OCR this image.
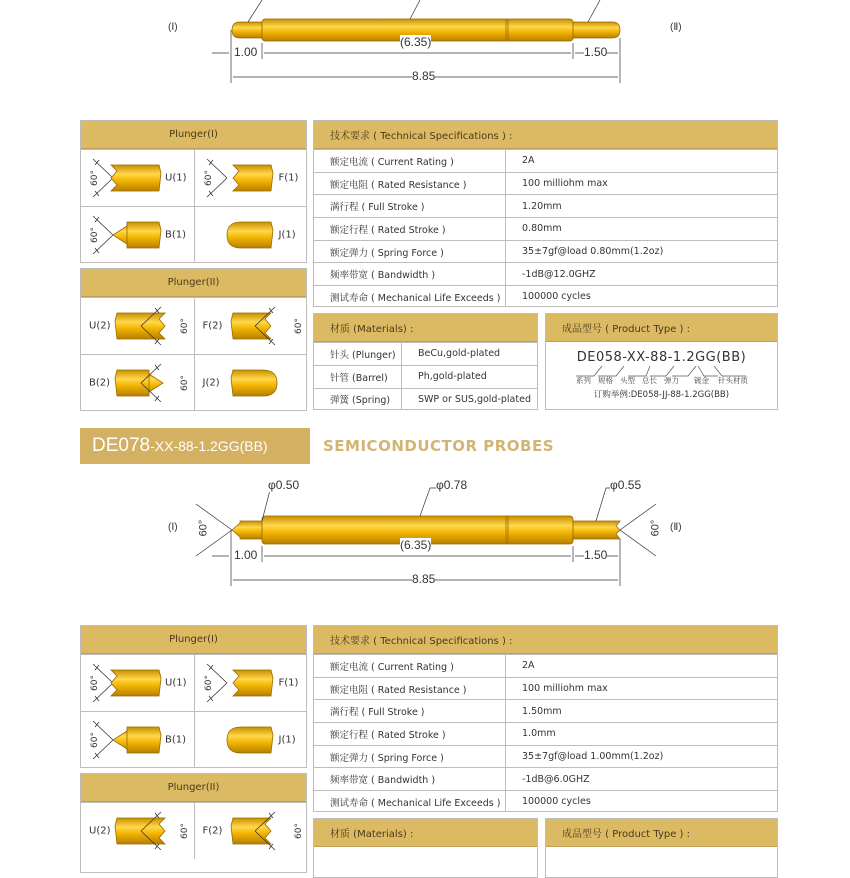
(Ⅰ)	(Ⅱ)
1.00
(6.35)
1.50
8.85
Plunger(I)
60°	U(1) 60°	F(1)
60°	B(1)	J(1)
Plunger(II)
U(2)	60° F(2)	60°
B(2)	60° J(2)
技术要求 ( Technical Specifications ) :
额定电流 ( Current Rating )	2A
额定电阻 ( Rated Resistance )	100 milliohm max
满行程 ( Full Stroke )	1.20mm
额定行程 ( Rated Stroke )	0.80mm
额定弹力 ( Spring Force )	35±7gf@load 0.80mm(1.2oz)
频率带宽 ( Bandwidth )	-1dB@12.0GHZ
测试寿命 ( Mechanical Life Exceeds )	100000 cycles
材质 (Materials) :
针头 (Plunger)	BeCu,gold-plated
针管 (Barrel)	Ph,gold-plated
弹簧 (Spring)	SWP or SUS,gold-plated
成品型号 ( Product Type ) :
DE058-XX-88-1.2GG(BB)
系列 规格 头型 总长 弹力 镀金 针头材质
订购举例:DE058-JJ-88-1.2GG(BB)
(Ⅰ)	(Ⅱ)
1.00
(6.35)
1.50
8.85
φ0.50	φ0.78	φ0.55
60°	60°
Plunger(I)
60°	U(1) 60°	F(1)
60°	B(1)	J(1)
Plunger(II)
U(2)	60° F(2)	60°
技术要求 ( Technical Specifications ) :
额定电流 ( Current Rating )	2A
额定电阻 ( Rated Resistance )	100 milliohm max
满行程 ( Full Stroke )	1.50mm
额定行程 ( Rated Stroke )	1.0mm
额定弹力 ( Spring Force )	35±7gf@load 1.00mm(1.2oz)
频率带宽 ( Bandwidth )	-1dB@6.0GHZ
测试寿命 ( Mechanical Life Exceeds )	100000 cycles
材质 (Materials) :	成品型号 ( Product Type ) :
DE078 -XX-88-1.2GG(BB)	SEMICONDUCTOR PROBES
